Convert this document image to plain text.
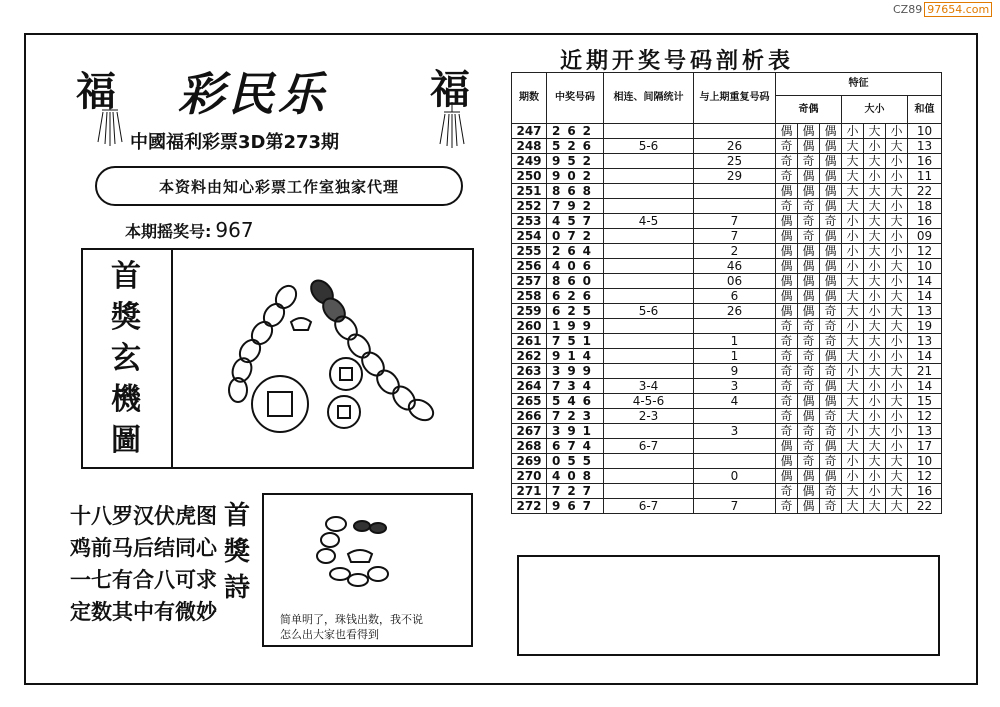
CZ89 97654.com
福	福
彩民乐
中國福利彩票3D第273期
本资料由知心彩票工作室独家代理
本期摇奖号: 967
首
獎
玄
機
圖
十八罗汉伏虎图
鸡前马后结同心
一七有合八可求
定数其中有微妙
首
獎
詩
简单明了，珠钱出数，我不说
怎么出大家也看得到
近期开奖号码剖析表
期数	中奖号码	相连、间隔统计	与上期重复号码	特征						
				奇偶			大小			和值
247	262			偶	偶	偶	小	大	小	10
248	526	5-6	26	奇	偶	偶	大	小	大	13
249	952		25	奇	奇	偶	大	大	小	16
250	902		29	奇	偶	偶	大	小	小	11
251	868			偶	偶	偶	大	大	大	22
252	792			奇	奇	偶	大	大	小	18
253	457	4-5	7	偶	奇	奇	小	大	大	16
254	072		7	偶	奇	偶	小	大	小	09
255	264		2	偶	偶	偶	小	大	小	12
256	406		46	偶	偶	偶	小	小	大	10
257	860		06	偶	偶	偶	大	大	小	14
258	626		6	偶	偶	偶	大	小	大	14
259	625	5-6	26	偶	偶	奇	大	小	大	13
260	199			奇	奇	奇	小	大	大	19
261	751		1	奇	奇	奇	大	大	小	13
262	914		1	奇	奇	偶	大	小	小	14
263	399		9	奇	奇	奇	小	大	大	21
264	734	3-4	3	奇	奇	偶	大	小	小	14
265	546	4-5-6	4	奇	偶	偶	大	小	大	15
266	723	2-3		奇	偶	奇	大	小	小	12
267	391		3	奇	奇	奇	小	大	小	13
268	674	6-7		偶	奇	偶	大	大	小	17
269	055			偶	奇	奇	小	大	大	10
270	408		0	偶	偶	偶	小	小	大	12
271	727			奇	偶	奇	大	小	大	16
272	967	6-7	7	奇	偶	奇	大	大	大	22
